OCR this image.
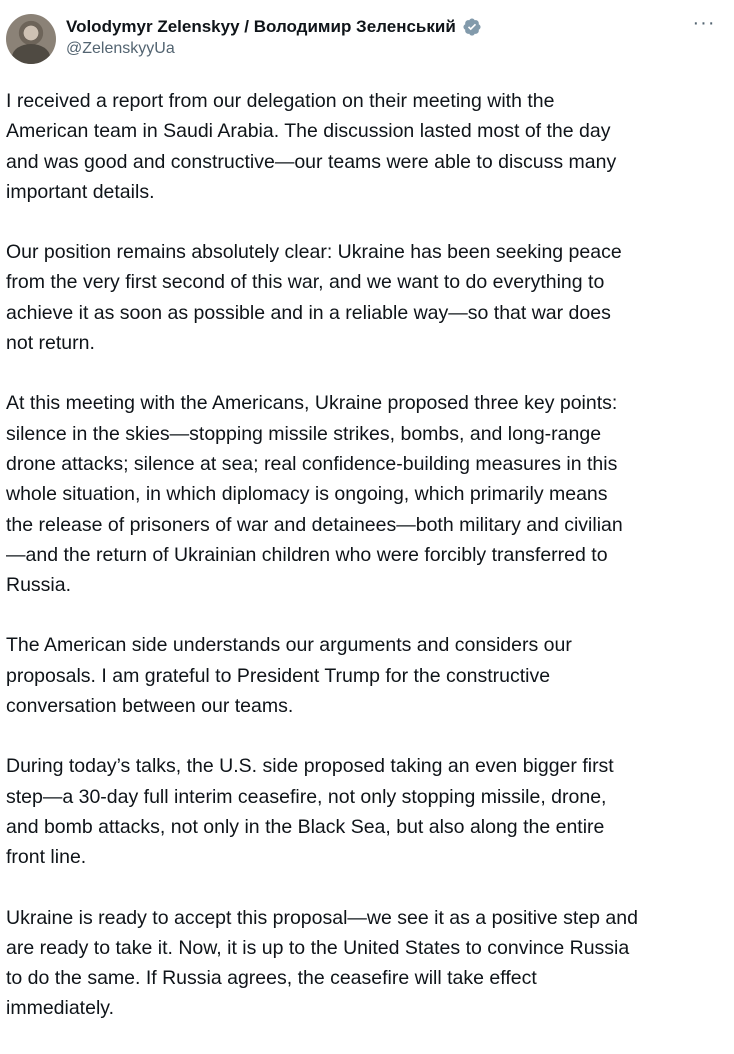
Volodymyr Zelenskyy / Володимир Зеленський
@ZelenskyyUa
···

I received a report from our delegation on their meeting with the
American team in Saudi Arabia. The discussion lasted most of the day
and was good and constructive—our teams were able to discuss many
important details.

Our position remains absolutely clear: Ukraine has been seeking peace
from the very first second of this war, and we want to do everything to
achieve it as soon as possible and in a reliable way—so that war does
not return.

At this meeting with the Americans, Ukraine proposed three key points:
silence in the skies—stopping missile strikes, bombs, and long-range
drone attacks; silence at sea; real confidence-building measures in this
whole situation, in which diplomacy is ongoing, which primarily means
the release of prisoners of war and detainees—both military and civilian
—and the return of Ukrainian children who were forcibly transferred to
Russia.

The American side understands our arguments and considers our
proposals. I am grateful to President Trump for the constructive
conversation between our teams.

During today’s talks, the U.S. side proposed taking an even bigger first
step—a 30-day full interim ceasefire, not only stopping missile, drone,
and bomb attacks, not only in the Black Sea, but also along the entire
front line.

Ukraine is ready to accept this proposal—we see it as a positive step and
are ready to take it. Now, it is up to the United States to convince Russia
to do the same. If Russia agrees, the ceasefire will take effect
immediately.
